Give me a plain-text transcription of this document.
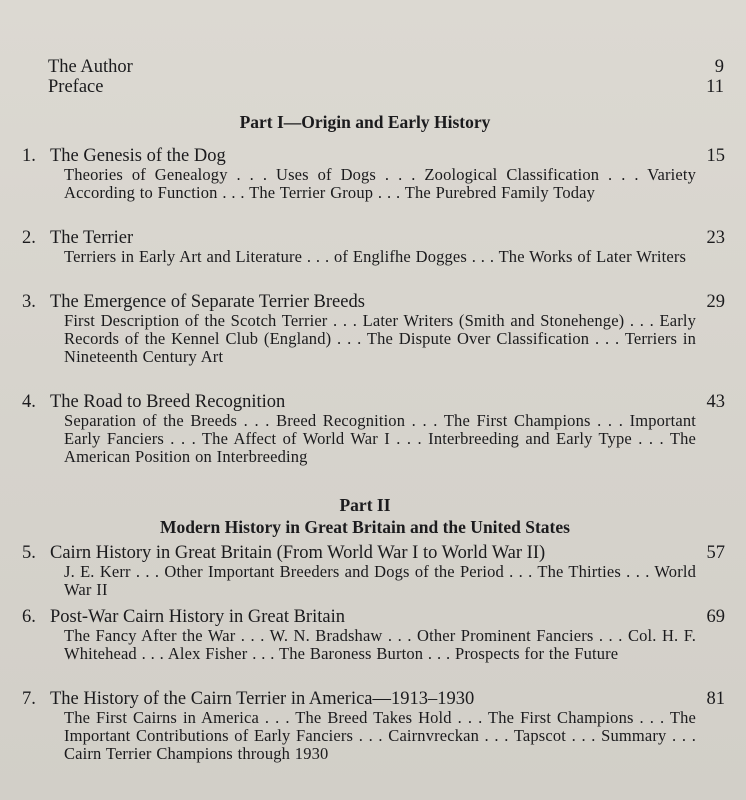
The Author	9
Preface	11
Part I—Origin and Early History
1. The Genesis of the Dog	15
Theories of Genealogy . . . Uses of Dogs . . . Zoological Classification . . . Variety According to Function . . . The Terrier Group . . . The Purebred Family Today
2. The Terrier	23
Terriers in Early Art and Literature . . . of Englifhe Dogges . . . The Works of Later Writers
3. The Emergence of Separate Terrier Breeds	29
First Description of the Scotch Terrier . . . Later Writers (Smith and Stonehenge) . . . Early Records of the Kennel Club (England) . . . The Dispute Over Classification . . . Terriers in Nineteenth Century Art
4. The Road to Breed Recognition	43
Separation of the Breeds . . . Breed Recognition . . . The First Champions . . . Important Early Fanciers . . . The Affect of World War I . . . Interbreeding and Early Type . . . The American Position on Interbreeding
Part II
Modern History in Great Britain and the United States
5. Cairn History in Great Britain (From World War I to World War II)	57
J. E. Kerr . . . Other Important Breeders and Dogs of the Period . . . The Thirties . . . World War II
6. Post-War Cairn History in Great Britain	69
The Fancy After the War . . . W. N. Bradshaw . . . Other Prominent Fanciers . . . Col. H. F. Whitehead . . . Alex Fisher . . . The Baroness Burton . . . Prospects for the Future
7. The History of the Cairn Terrier in America—1913–1930	81
The First Cairns in America . . . The Breed Takes Hold . . . The First Champions . . . The Important Contributions of Early Fanciers . . . Cairnvreckan . . . Tapscot . . . Summary . . . Cairn Terrier Champions through 1930
